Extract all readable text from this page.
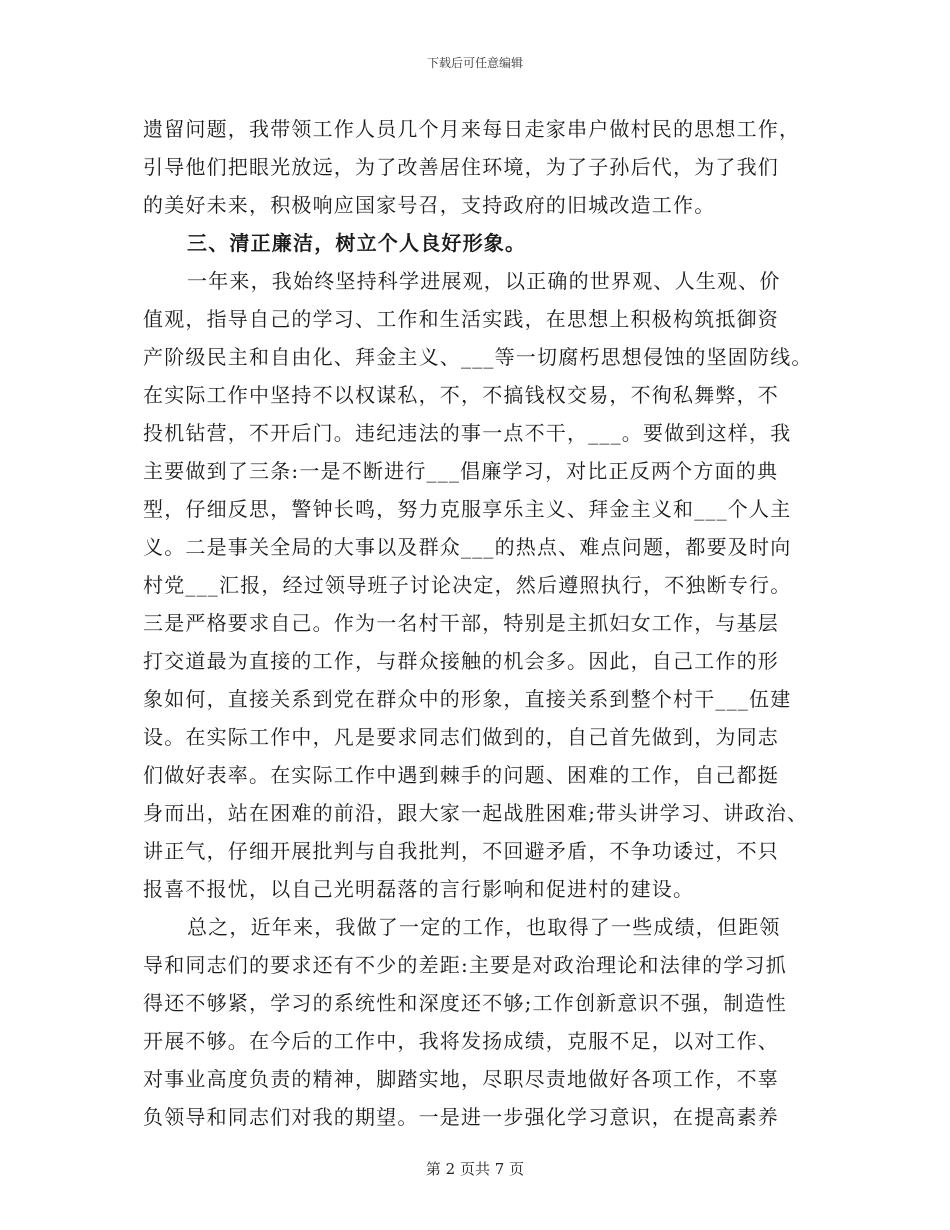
下载后可任意编辑
遗留问题，我带领工作人员几个月来每日走家串户做村民的思想工作，
引导他们把眼光放远，为了改善居住环境，为了子孙后代，为了我们
的美好未来，积极响应国家号召，支持政府的旧城改造工作。
三、清正廉洁，树立个人良好形象。
一年来，我始终坚持科学进展观，以正确的世界观、人生观、价
值观，指导自己的学习、工作和生活实践，在思想上积极构筑抵御资
产阶级民主和自由化、拜金主义、___等一切腐朽思想侵蚀的坚固防线。
在实际工作中坚持不以权谋私，不，不搞钱权交易，不徇私舞弊，不
投机钻营，不开后门。违纪违法的事一点不干，___。要做到这样，我
主要做到了三条:一是不断进行___倡廉学习，对比正反两个方面的典
型，仔细反思，警钟长鸣，努力克服享乐主义、拜金主义和___个人主
义。二是事关全局的大事以及群众___的热点、难点问题，都要及时向
村党___汇报，经过领导班子讨论决定，然后遵照执行，不独断专行。
三是严格要求自己。作为一名村干部，特别是主抓妇女工作，与基层
打交道最为直接的工作，与群众接触的机会多。因此，自己工作的形
象如何，直接关系到党在群众中的形象，直接关系到整个村干___伍建
设。在实际工作中，凡是要求同志们做到的，自己首先做到，为同志
们做好表率。在实际工作中遇到棘手的问题、困难的工作，自己都挺
身而出，站在困难的前沿，跟大家一起战胜困难;带头讲学习、讲政治、
讲正气，仔细开展批判与自我批判，不回避矛盾，不争功诿过，不只
报喜不报忧，以自己光明磊落的言行影响和促进村的建设。
总之，近年来，我做了一定的工作，也取得了一些成绩，但距领
导和同志们的要求还有不少的差距:主要是对政治理论和法律的学习抓
得还不够紧，学习的系统性和深度还不够;工作创新意识不强，制造性
开展不够。在今后的工作中，我将发扬成绩，克服不足，以对工作、
对事业高度负责的精神，脚踏实地，尽职尽责地做好各项工作，不辜
负领导和同志们对我的期望。一是进一步强化学习意识，在提高素养
第 2 页共 7 页
